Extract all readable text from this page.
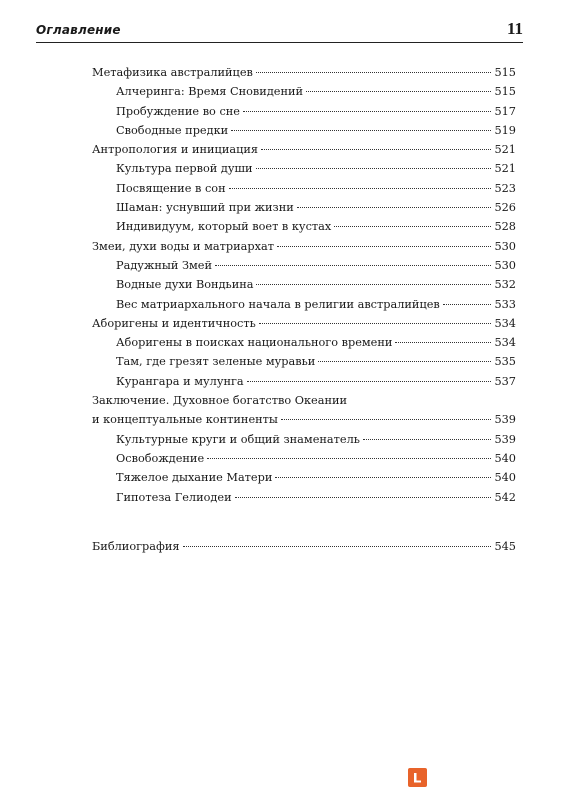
Оглавление	11
Метафизика австралийцев	515
Алчеринга: Время Сновидений	515
Пробуждение во сне	517
Свободные предки	519
Антропология и инициация	521
Культура первой души	521
Посвящение в сон	523
Шаман: уснувший при жизни	526
Индивидуум, который воет в кустах	528
Змеи, духи воды и матриархат	530
Радужный Змей	530
Водные духи Вондьина	532
Вес матриархального начала в религии австралийцев	533
Аборигены и идентичность	534
Аборигены в поисках национального времени	534
Там, где грезят зеленые муравьи	535
Курангара и мулунга	537
Заключение. Духовное богатство Океании
и концептуальные континенты	539
Культурные круги и общий знаменатель	539
Освобождение	540
Тяжелое дыхание Матери	540
Гипотеза Гелиодеи	542
Библиография	545
